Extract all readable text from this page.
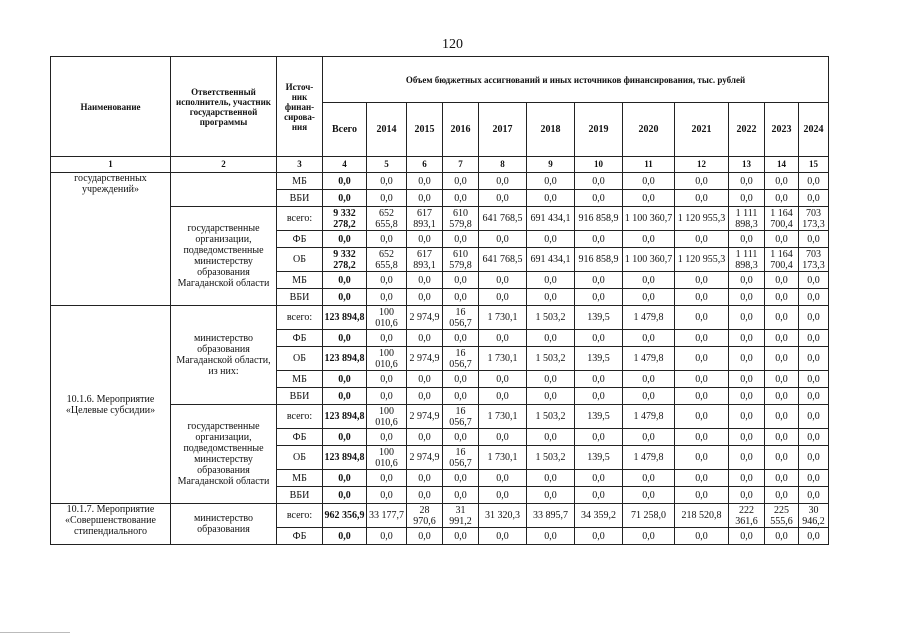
120
Наименование	Ответственный исполнитель, участник государственной программы	Источ-ник финан-сирова-ния	Объем бюджетных ассигнований и иных источников финансирования, тыс. рублей											
			Всего	2014	2015	2016	2017	2018	2019	2020	2021	2022	2023	2024
1	2	3	4	5	6	7	8	9	10	11	12	13	14	15
государственных учреждений»		МБ	0,0	0,0	0,0	0,0	0,0	0,0	0,0	0,0	0,0	0,0	0,0	0,0
		ВБИ	0,0	0,0	0,0	0,0	0,0	0,0	0,0	0,0	0,0	0,0	0,0	0,0
	государственные организации, подведомственные министерству образования Магаданской области	всего:	9 332 278,2	652 655,8	617 893,1	610 579,8	641 768,5	691 434,1	916 858,9	1 100 360,7	1 120 955,3	1 111 898,3	1 164 700,4	703 173,3
		ФБ	0,0	0,0	0,0	0,0	0,0	0,0	0,0	0,0	0,0	0,0	0,0	0,0
		ОБ	9 332 278,2	652 655,8	617 893,1	610 579,8	641 768,5	691 434,1	916 858,9	1 100 360,7	1 120 955,3	1 111 898,3	1 164 700,4	703 173,3
		МБ	0,0	0,0	0,0	0,0	0,0	0,0	0,0	0,0	0,0	0,0	0,0	0,0
		ВБИ	0,0	0,0	0,0	0,0	0,0	0,0	0,0	0,0	0,0	0,0	0,0	0,0
10.1.6. Мероприятие «Целевые субсидии»	министерство образования Магаданской области, из них:	всего:	123 894,8	100 010,6	2 974,9	16 056,7	1 730,1	1 503,2	139,5	1 479,8	0,0	0,0	0,0	0,0
		ФБ	0,0	0,0	0,0	0,0	0,0	0,0	0,0	0,0	0,0	0,0	0,0	0,0
		ОБ	123 894,8	100 010,6	2 974,9	16 056,7	1 730,1	1 503,2	139,5	1 479,8	0,0	0,0	0,0	0,0
		МБ	0,0	0,0	0,0	0,0	0,0	0,0	0,0	0,0	0,0	0,0	0,0	0,0
		ВБИ	0,0	0,0	0,0	0,0	0,0	0,0	0,0	0,0	0,0	0,0	0,0	0,0
	государственные организации, подведомственные министерству образования Магаданской области	всего:	123 894,8	100 010,6	2 974,9	16 056,7	1 730,1	1 503,2	139,5	1 479,8	0,0	0,0	0,0	0,0
		ФБ	0,0	0,0	0,0	0,0	0,0	0,0	0,0	0,0	0,0	0,0	0,0	0,0
		ОБ	123 894,8	100 010,6	2 974,9	16 056,7	1 730,1	1 503,2	139,5	1 479,8	0,0	0,0	0,0	0,0
		МБ	0,0	0,0	0,0	0,0	0,0	0,0	0,0	0,0	0,0	0,0	0,0	0,0
		ВБИ	0,0	0,0	0,0	0,0	0,0	0,0	0,0	0,0	0,0	0,0	0,0	0,0
10.1.7. Мероприятие «Совершенствование стипендиального	министерство образования	всего:	962 356,9	33 177,7	28 970,6	31 991,2	31 320,3	33 895,7	34 359,2	71 258,0	218 520,8	222 361,6	225 555,6	30 946,2
		ФБ	0,0	0,0	0,0	0,0	0,0	0,0	0,0	0,0	0,0	0,0	0,0	0,0
